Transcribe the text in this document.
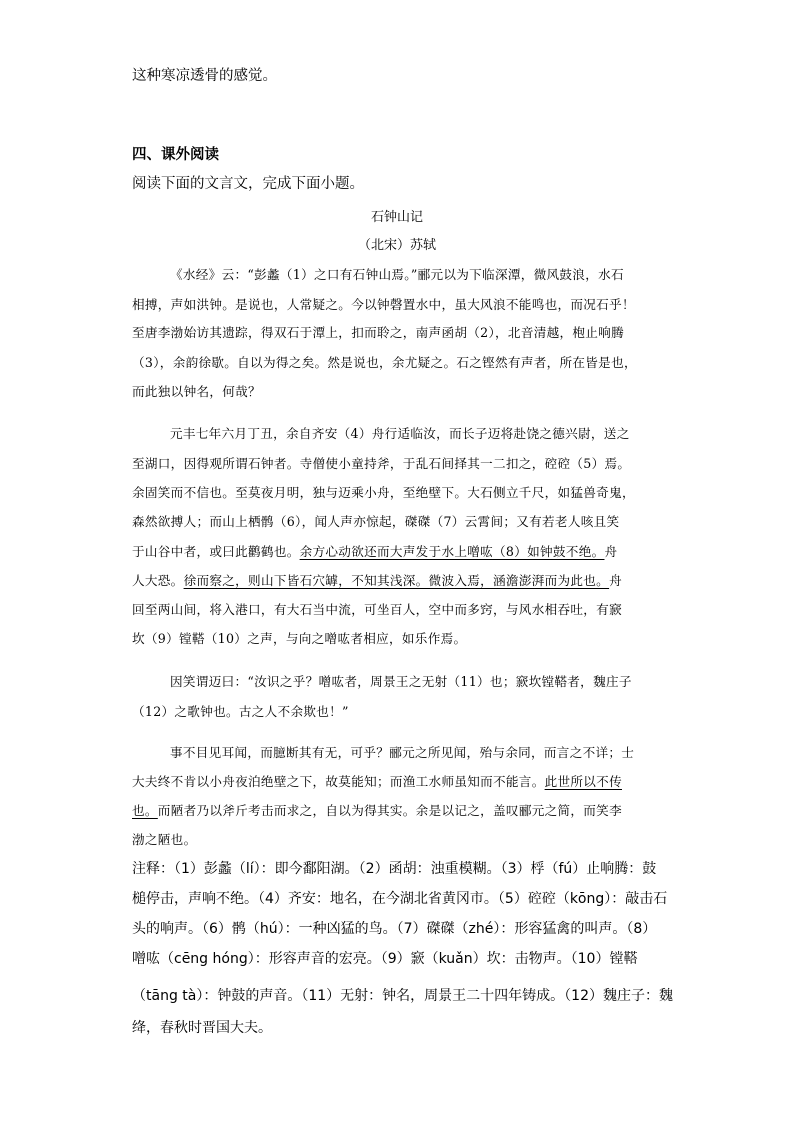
这种寒凉透骨的感觉。
四、课外阅读
阅读下面的文言文，完成下面小题。
石钟山记
（北宋）苏轼
《水经》云：“彭蠡（1）之口有石钟山焉。”郦元以为下临深潭，微风鼓浪，水石
相搏，声如洪钟。是说也，人常疑之。今以钟磬置水中，虽大风浪不能鸣也，而况石乎！
至唐李渤始访其遗踪，得双石于潭上，扣而聆之，南声函胡（2），北音清越，枹止响腾
（3），余韵徐歇。自以为得之矣。然是说也，余尤疑之。石之铿然有声者，所在皆是也，
而此独以钟名，何哉？
元丰七年六月丁丑，余自齐安（4）舟行适临汝，而长子迈将赴饶之德兴尉，送之
至湖口，因得观所谓石钟者。寺僧使小童持斧，于乱石间择其一二扣之，硿硿（5）焉。
余固笑而不信也。至莫夜月明，独与迈乘小舟，至绝壁下。大石侧立千尺，如猛兽奇鬼，
森然欲搏人；而山上栖鹘（6），闻人声亦惊起，磔磔（7）云霄间；又有若老人咳且笑
于山谷中者，或曰此鹳鹤也。余方心动欲还而大声发于水上噌吰（8）如钟鼓不绝。舟
人大恐。徐而察之，则山下皆石穴罅，不知其浅深。微波入焉，涵澹澎湃而为此也。舟
回至两山间，将入港口，有大石当中流，可坐百人，空中而多窍，与风水相吞吐，有窾
坎（9）镗鞳（10）之声，与向之噌吰者相应，如乐作焉。
因笑谓迈曰：“汝识之乎？噌吰者，周景王之无射（11）也；窾坎镗鞳者，魏庄子
（12）之歌钟也。古之人不余欺也！”
事不目见耳闻，而臆断其有无，可乎？郦元之所见闻，殆与余同，而言之不详；士
大夫终不肯以小舟夜泊绝壁之下，故莫能知；而渔工水师虽知而不能言。此世所以不传
也。而陋者乃以斧斤考击而求之，自以为得其实。余是以记之，盖叹郦元之简，而笑李
渤之陋也。
注释：（1）彭蠡（lí）：即今鄱阳湖。（2）函胡：浊重模糊。（3）桴（fú）止响腾：鼓
槌停击，声响不绝。（4）齐安：地名，在今湖北省黄冈市。（5）硿硿（kōng）：敲击石
头的响声。（6）鹘（hú）：一种凶猛的鸟。（7）磔磔（zhé）：形容猛禽的叫声。（8）
噌吰（cēng hóng）：形容声音的宏亮。（9）窾（kuǎn）坎：击物声。（10）镗鞳
（tāng tà）：钟鼓的声音。（11）无射：钟名，周景王二十四年铸成。（12）魏庄子：魏
绛，春秋时晋国大夫。
